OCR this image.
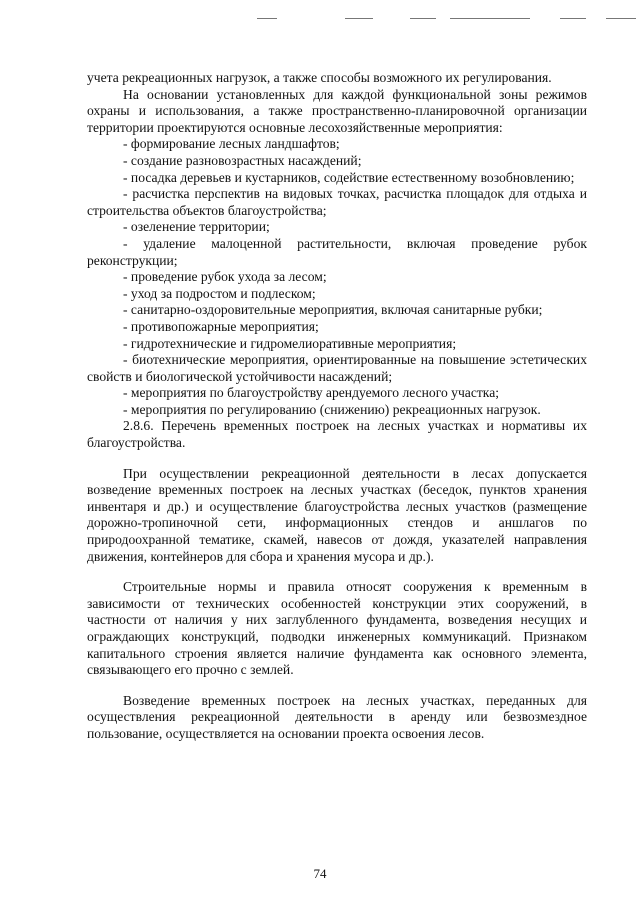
учета рекреационных нагрузок, а также способы возможного их регулирования.

На основании установленных для каждой функциональной зоны режимов охраны и использования, а также пространственно-планировочной организации территории проектируются основные лесохозяйственные мероприятия:

- формирование лесных ландшафтов;

- создание разновозрастных насаждений;

- посадка деревьев и кустарников, содействие естественному возобновлению;

- расчистка перспектив на видовых точках, расчистка площадок для отдыха и строительства объектов благоустройства;

- озеленение территории;

- удаление малоценной растительности, включая проведение рубок реконструкции;

- проведение рубок ухода за лесом;

- уход за подростом и подлеском;

- санитарно-оздоровительные мероприятия, включая санитарные рубки;

- противопожарные мероприятия;

- гидротехнические и гидромелиоративные мероприятия;

- биотехнические мероприятия, ориентированные на повышение эстетических свойств и биологической устойчивости насаждений;

- мероприятия по благоустройству арендуемого лесного участка;

- мероприятия по регулированию (снижению) рекреационных нагрузок.

2.8.6. Перечень временных построек на лесных участках и нормативы их благоустройства.

При осуществлении рекреационной деятельности в лесах допускается возведение временных построек на лесных участках (беседок, пунктов хранения инвентаря и др.) и осуществление благоустройства лесных участков (размещение дорожно-тропиночной сети, информационных стендов и аншлагов по природоохранной тематике, скамей, навесов от дождя, указателей направления движения, контейнеров для сбора и хранения мусора и др.).

Строительные нормы и правила относят сооружения к временным в зависимости от технических особенностей конструкции этих сооружений, в частности от наличия у них заглубленного фундамента, возведения несущих и ограждающих конструкций, подводки инженерных коммуникаций. Признаком капитального строения является наличие фундамента как основного элемента, связывающего его прочно с землей.

Возведение временных построек на лесных участках, переданных для осуществления рекреационной деятельности в аренду или безвозмездное пользование, осуществляется на основании проекта освоения лесов.

74
